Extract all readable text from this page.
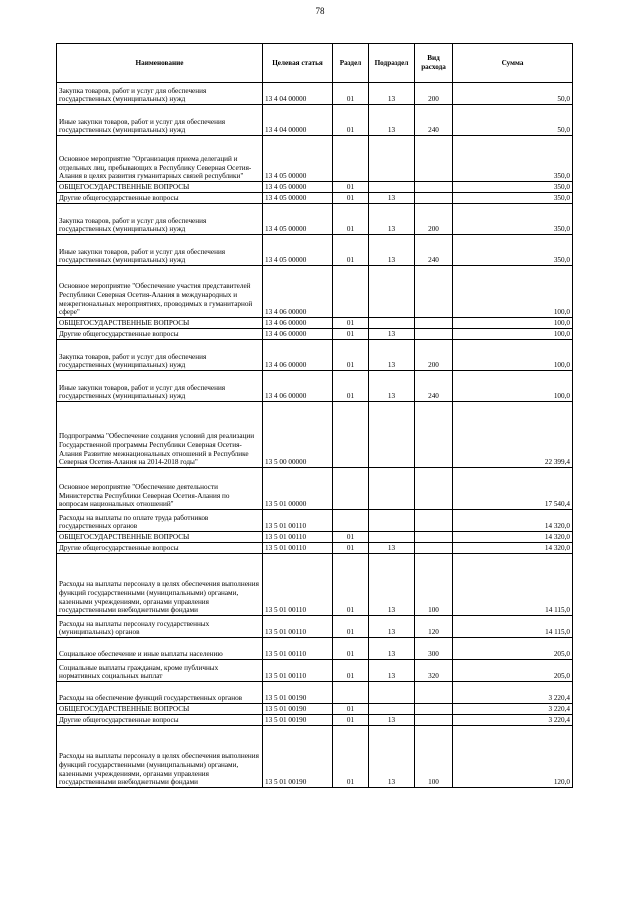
78
Наименование	Целевая статья	Раздел	Подраздел	Вид расхода	Сумма
Закупка товаров, работ и услуг для обеспечения государственных (муниципальных) нужд	13 4 04 00000	01	13	200	50,0
Иные закупки товаров, работ и услуг для обеспечения государственных (муниципальных) нужд	13 4 04 00000	01	13	240	50,0
Основное мероприятие "Организация приема делегаций и отдельных лиц, пребывающих в Республику Северная Осетия-Алания в целях развития гуманитарных связей республики"	13 4 05 00000				350,0
ОБЩЕГОСУДАРСТВЕННЫЕ ВОПРОСЫ	13 4 05 00000	01			350,0
Другие общегосударственные вопросы	13 4 05 00000	01	13		350,0
Закупка товаров, работ и услуг для обеспечения государственных (муниципальных) нужд	13 4 05 00000	01	13	200	350,0
Иные закупки товаров, работ и услуг для обеспечения государственных (муниципальных) нужд	13 4 05 00000	01	13	240	350,0
Основное мероприятие "Обеспечение участия представителей Республики Северная Осетия-Алания в международных и межрегиональных мероприятиях, проводимых в гуманитарной сфере"	13 4 06 00000				100,0
ОБЩЕГОСУДАРСТВЕННЫЕ ВОПРОСЫ	13 4 06 00000	01			100,0
Другие общегосударственные вопросы	13 4 06 00000	01	13		100,0
Закупка товаров, работ и услуг для обеспечения государственных (муниципальных) нужд	13 4 06 00000	01	13	200	100,0
Иные закупки товаров, работ и услуг для обеспечения государственных (муниципальных) нужд	13 4 06 00000	01	13	240	100,0
Подпрограмма "Обеспечение создания условий для реализации Государственной программы Республики Северная Осетия-Алания Развитие межнациональных отношений в Республике Северная Осетия-Алания на 2014-2018 годы"	13 5 00 00000				22 399,4
Основное мероприятие "Обеспечение деятельности Министерства Республики Северная Осетия-Алания по вопросам национальных отношений"	13 5 01 00000				17 540,4
Расходы на выплаты по оплате труда работников государственных органов	13 5 01 00110				14 320,0
ОБЩЕГОСУДАРСТВЕННЫЕ ВОПРОСЫ	13 5 01 00110	01			14 320,0
Другие общегосударственные вопросы	13 5 01 00110	01	13		14 320,0
Расходы на выплаты персоналу в целях обеспечения выполнения функций государственными (муниципальными) органами, казенными учреждениями, органами управления государственными внебюджетными фондами	13 5 01 00110	01	13	100	14 115,0
Расходы на выплаты персоналу государственных (муниципальных) органов	13 5 01 00110	01	13	120	14 115,0
Социальное обеспечение и иные выплаты населению	13 5 01 00110	01	13	300	205,0
Социальные выплаты гражданам, кроме публичных нормативных социальных выплат	13 5 01 00110	01	13	320	205,0
Расходы на обеспечение функций государственных органов	13 5 01 00190				3 220,4
ОБЩЕГОСУДАРСТВЕННЫЕ ВОПРОСЫ	13 5 01 00190	01			3 220,4
Другие общегосударственные вопросы	13 5 01 00190	01	13		3 220,4
Расходы на выплаты персоналу в целях обеспечения выполнения функций государственными (муниципальными) органами, казенными учреждениями, органами управления государственными внебюджетными фондами	13 5 01 00190	01	13	100	120,0
